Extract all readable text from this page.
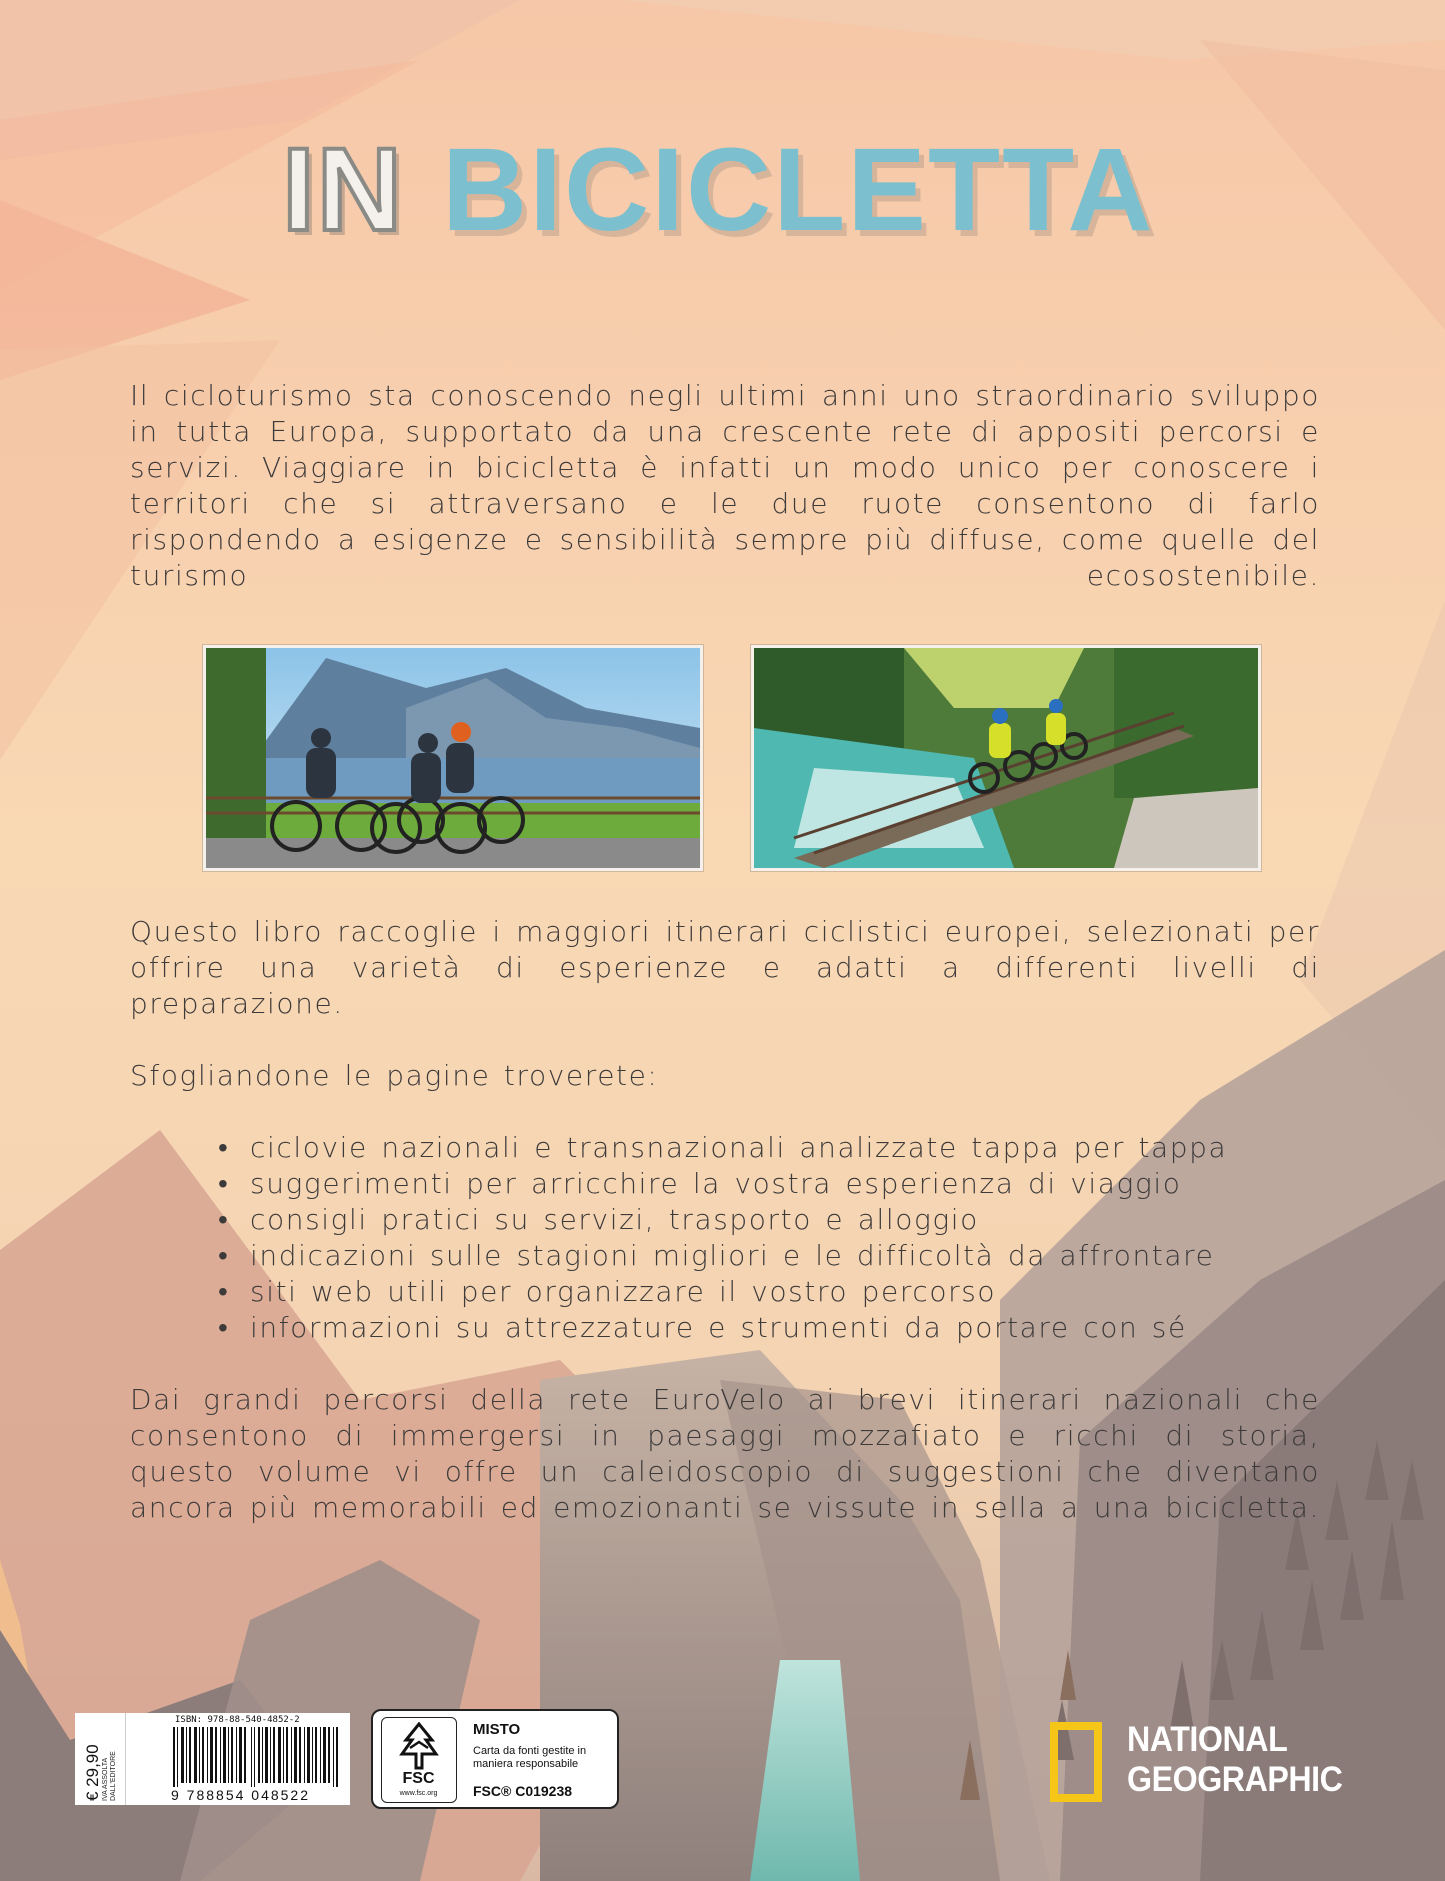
IN BICICLETTA

Il cicloturismo sta conoscendo negli ultimi anni uno straordinario sviluppo in tutta Europa, supportato da una crescente rete di appositi percorsi e servizi. Viaggiare in bicicletta è infatti un modo unico per conoscere i territori che si attraversano e le due ruote consentono di farlo rispondendo a esigenze e sensibilità sempre più diffuse, come quelle del turismo ecosostenibile.

Questo libro raccoglie i maggiori itinerari ciclistici europei, selezionati per offrire una varietà di esperienze e adatti a differenti livelli di preparazione.

Sfogliandone le pagine troverete:

• ciclovie nazionali e transnazionali analizzate tappa per tappa
• suggerimenti per arricchire la vostra esperienza di viaggio
• consigli pratici su servizi, trasporto e alloggio
• indicazioni sulle stagioni migliori e le difficoltà da affrontare
• siti web utili per organizzare il vostro percorso
• informazioni su attrezzature e strumenti da portare con sé

Dai grandi percorsi della rete EuroVelo ai brevi itinerari nazionali che consentono di immergersi in paesaggi mozzafiato e ricchi di storia, questo volume vi offre un caleidoscopio di suggestioni che diventano ancora più memorabili ed emozionanti se vissute in sella a una bicicletta.

€ 29,90 IVA ASSOLTA
DALL'EDITORE
ISBN: 978-88-540-4852-2
9 788854 048522
FSC
www.fsc.org
MISTO
Carta da fonti gestite in maniera responsabile
FSC® C019238
NATIONAL
GEOGRAPHIC
